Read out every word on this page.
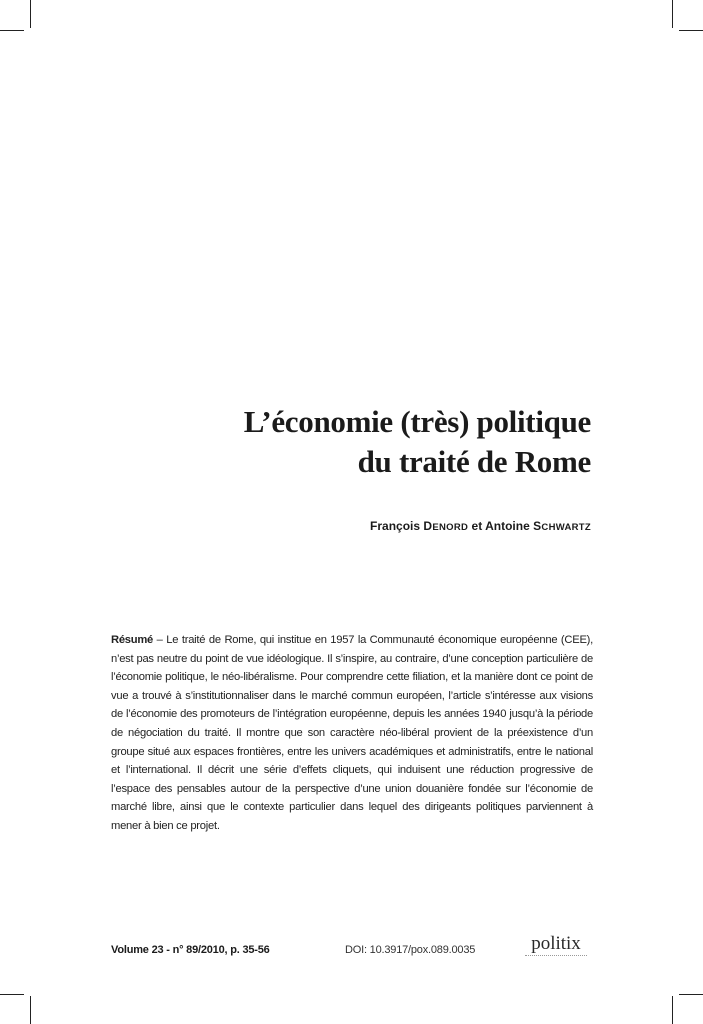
L’économie (très) politique
du traité de Rome
François DENORD et Antoine SCHWARTZ

Résumé – Le traité de Rome, qui institue en 1957 la Communauté économique européenne (CEE), n’est pas neutre du point de vue idéologique. Il s’inspire, au contraire, d’une conception particulière de l’économie politique, le néo-libéralisme. Pour comprendre cette filiation, et la manière dont ce point de vue a trouvé à s’institutionnaliser dans le marché commun européen, l’article s’intéresse aux visions de l’économie des promoteurs de l’intégration européenne, depuis les années 1940 jusqu’à la période de négociation du traité. Il montre que son caractère néo-libéral provient de la préexistence d’un groupe situé aux espaces frontières, entre les univers académiques et administratifs, entre le national et l’international. Il décrit une série d’effets cliquets, qui induisent une réduction progressive de l’espace des pensables autour de la perspective d’une union douanière fondée sur l’économie de marché libre, ainsi que le contexte particulier dans lequel des dirigeants politiques parviennent à mener à bien ce projet.

Volume 23 - n° 89/2010, p. 35-56	DOI: 10.3917/pox.089.0035	politix
